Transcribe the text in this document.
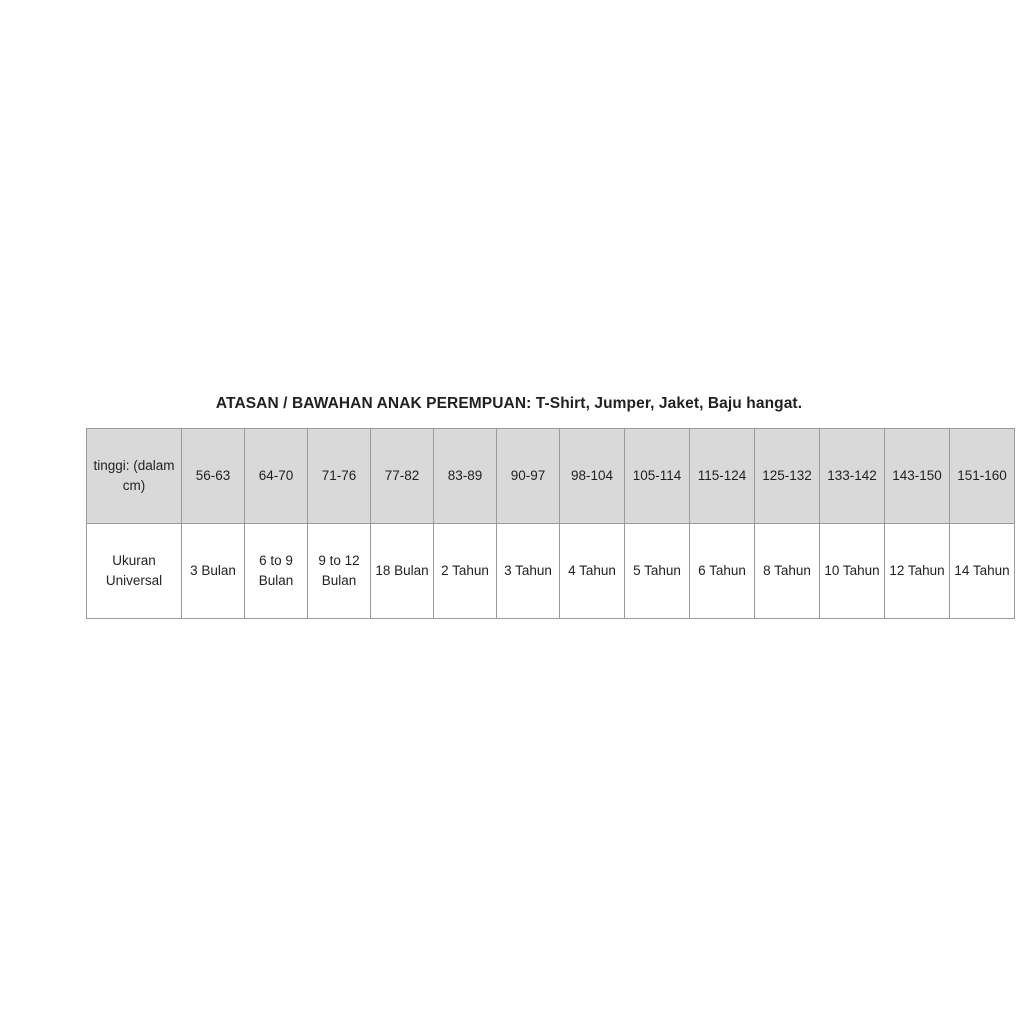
ATASAN / BAWAHAN ANAK PEREMPUAN: T-Shirt, Jumper, Jaket, Baju hangat.
tinggi: (dalam cm)	56-63	64-70	71-76	77-82	83-89	90-97	98-104	105-114	115-124	125-132	133-142	143-150	151-160
Ukuran Universal	3 Bulan	6 to 9 Bulan	9 to 12 Bulan	18 Bulan	2 Tahun	3 Tahun	4 Tahun	5 Tahun	6 Tahun	8 Tahun	10 Tahun	12 Tahun	14 Tahun
